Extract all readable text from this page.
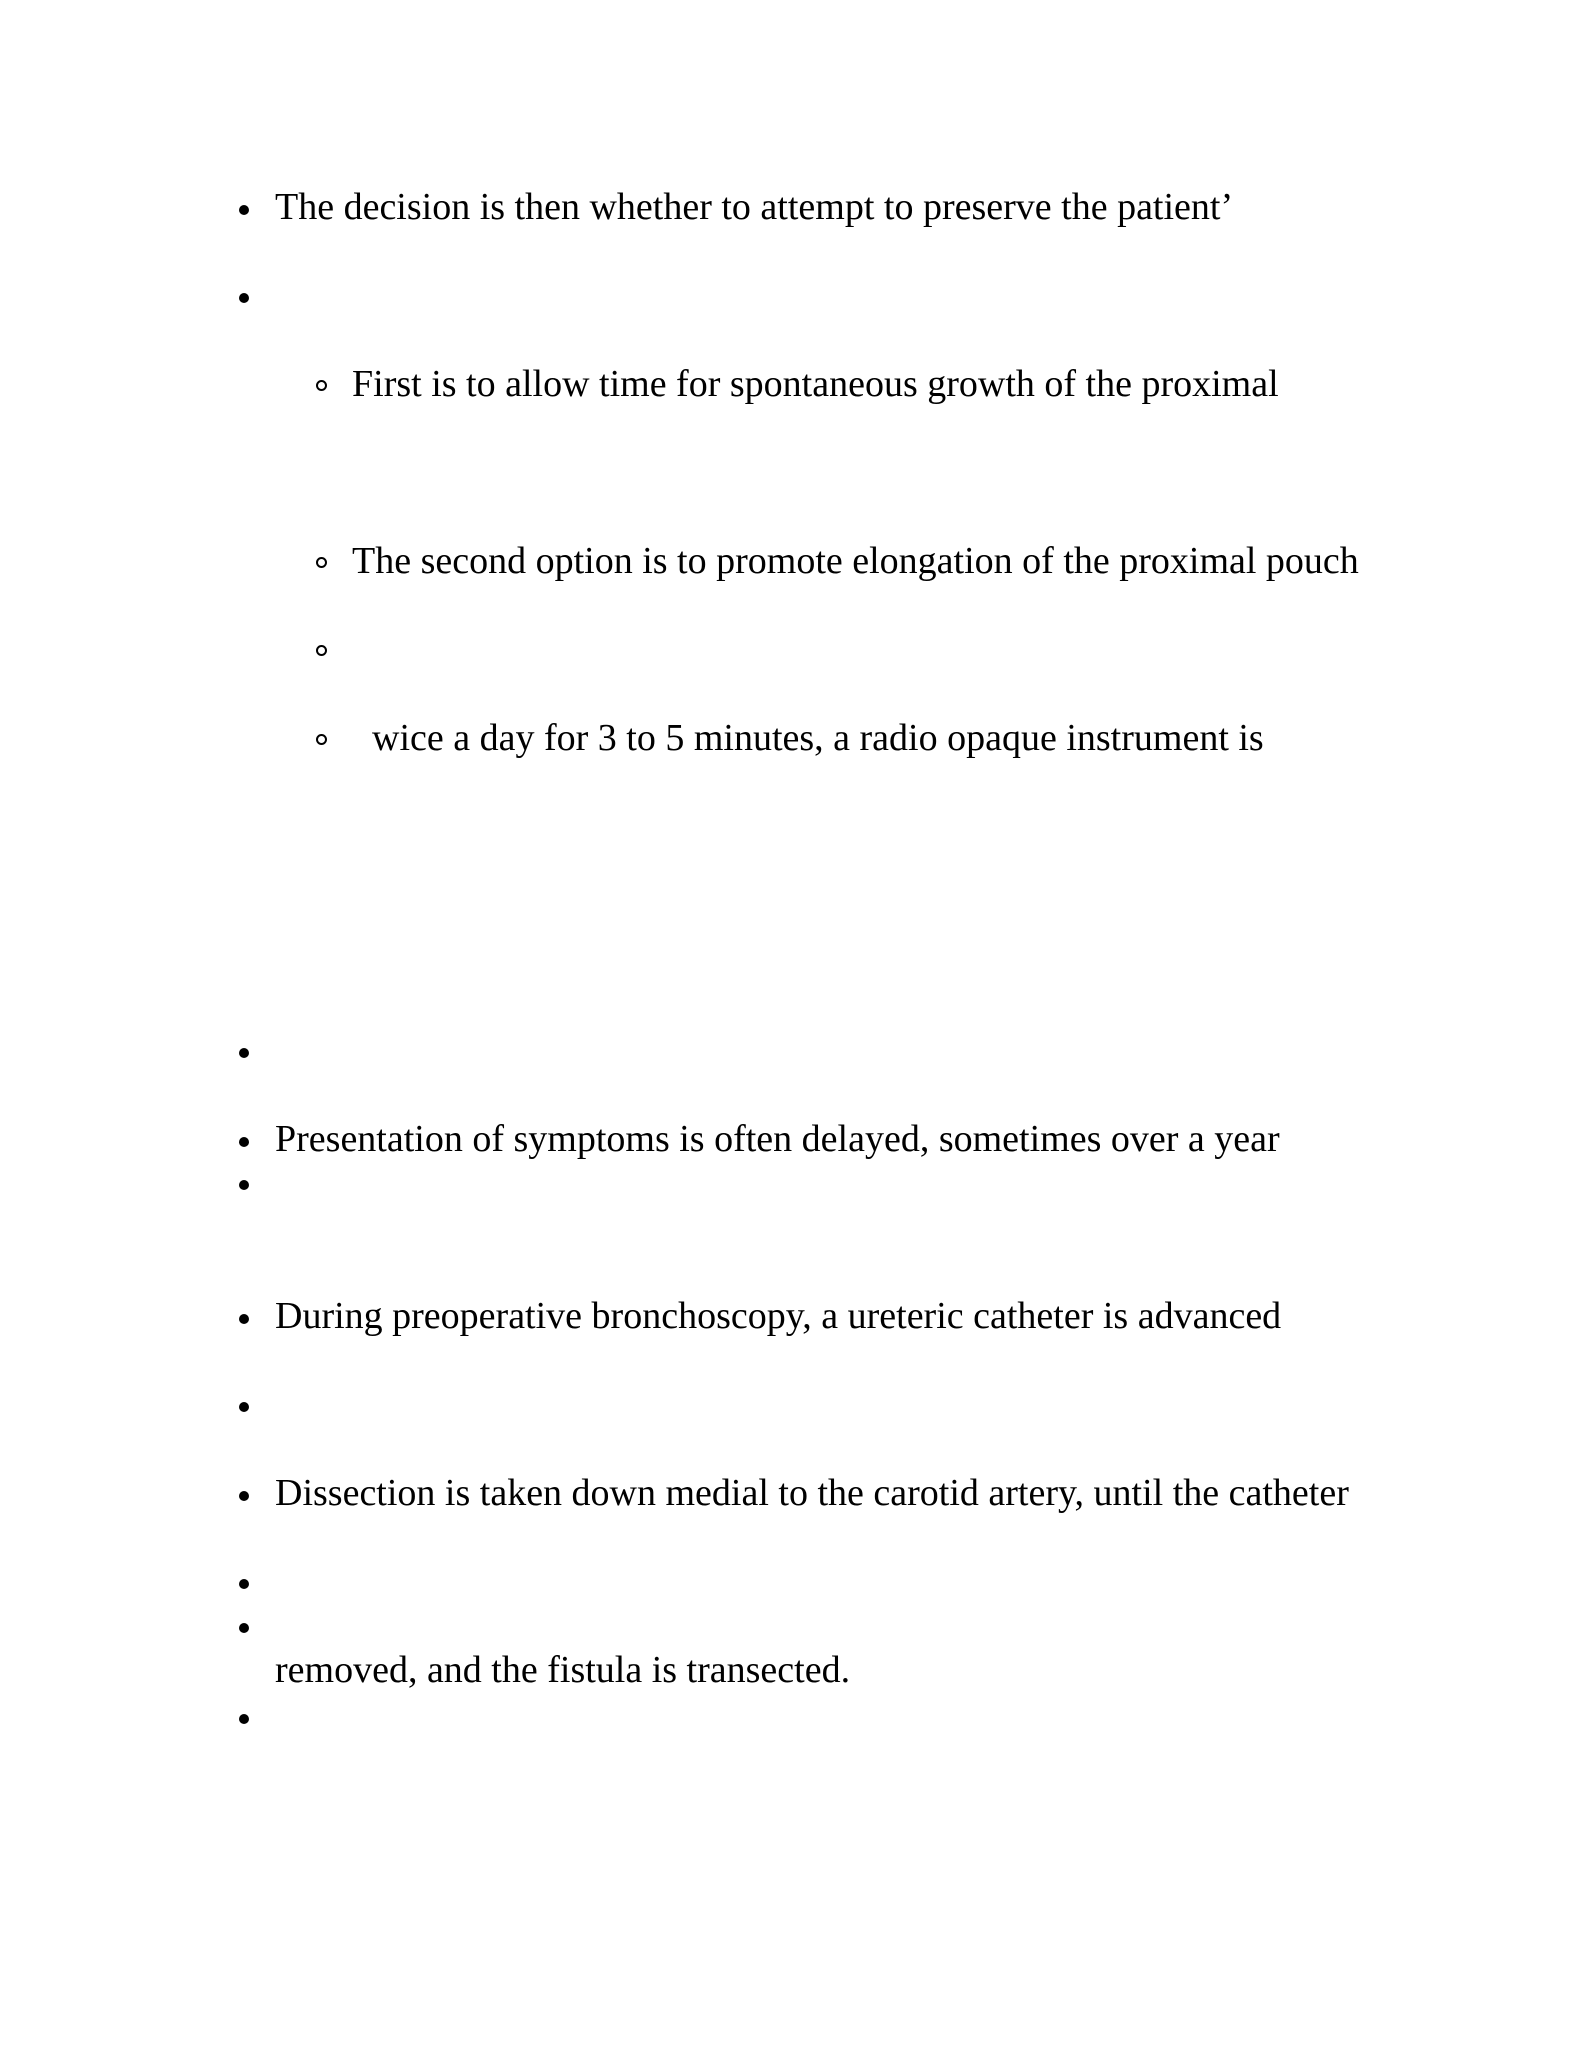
The decision is then whether to attempt to preserve the patient’
First is to allow time for spontaneous growth of the proximal
The second option is to promote elongation of the proximal pouch
wice a day for 3 to 5 minutes, a radio opaque instrument is
Presentation of symptoms is often delayed, sometimes over a year
During preoperative bronchoscopy, a ureteric catheter is advanced
Dissection is taken down medial to the carotid artery, until the catheter
removed, and the fistula is transected.
